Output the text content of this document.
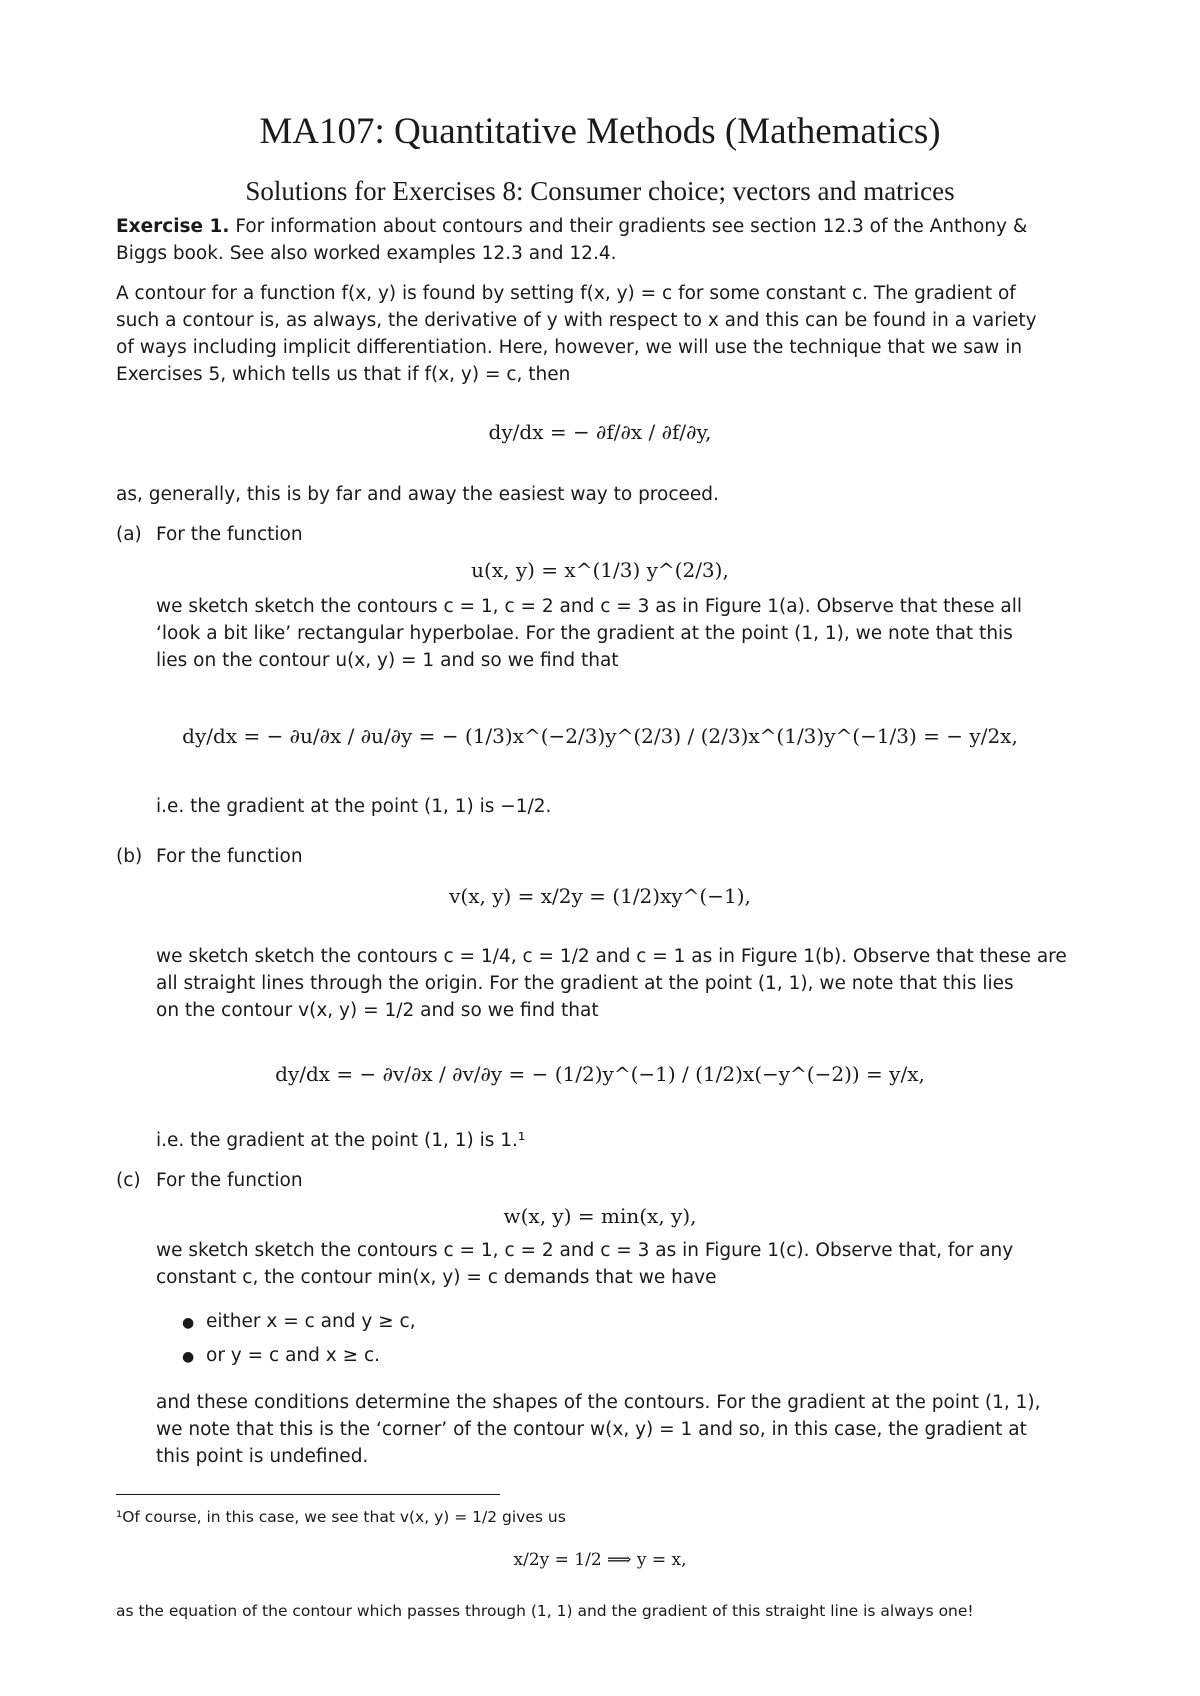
MA107: Quantitative Methods (Mathematics)
Solutions for Exercises 8: Consumer choice; vectors and matrices
Exercise 1. For information about contours and their gradients see section 12.3 of the Anthony &
Biggs book. See also worked examples 12.3 and 12.4.
A contour for a function f(x, y) is found by setting f(x, y) = c for some constant c. The gradient of
such a contour is, as always, the derivative of y with respect to x and this can be found in a variety
of ways including implicit differentiation. Here, however, we will use the technique that we saw in
Exercises 5, which tells us that if f(x, y) = c, then
dy/dx = − ∂f/∂x / ∂f/∂y,
as, generally, this is by far and away the easiest way to proceed.
(a) For the function
u(x, y) = x^(1/3) y^(2/3),
we sketch sketch the contours c = 1, c = 2 and c = 3 as in Figure 1(a). Observe that these all
‘look a bit like’ rectangular hyperbolae. For the gradient at the point (1, 1), we note that this
lies on the contour u(x, y) = 1 and so we find that
dy/dx = − ∂u/∂x / ∂u/∂y = − (1/3)x^(−2/3)y^(2/3) / (2/3)x^(1/3)y^(−1/3) = − y/2x,
i.e. the gradient at the point (1, 1) is −1/2.
(b) For the function
v(x, y) = x/2y = (1/2)xy^(−1),
we sketch sketch the contours c = 1/4, c = 1/2 and c = 1 as in Figure 1(b). Observe that these are
all straight lines through the origin. For the gradient at the point (1, 1), we note that this lies
on the contour v(x, y) = 1/2 and so we find that
dy/dx = − ∂v/∂x / ∂v/∂y = − (1/2)y^(−1) / (1/2)x(−y^(−2)) = y/x,
i.e. the gradient at the point (1, 1) is 1.¹
(c) For the function
w(x, y) = min(x, y),
we sketch sketch the contours c = 1, c = 2 and c = 3 as in Figure 1(c). Observe that, for any
constant c, the contour min(x, y) = c demands that we have
● either x = c and y ≥ c,
● or y = c and x ≥ c.
¹Of course, in this case, we see that v(x, y) = 1/2 gives us
x/2y = 1/2 ⟹ y = x,
as the equation of the contour which passes through (1, 1) and the gradient of this straight line is always one!
and these conditions determine the shapes of the contours. For the gradient at the point (1, 1),
we note that this is the ‘corner’ of the contour w(x, y) = 1 and so, in this case, the gradient at
this point is undefined.
